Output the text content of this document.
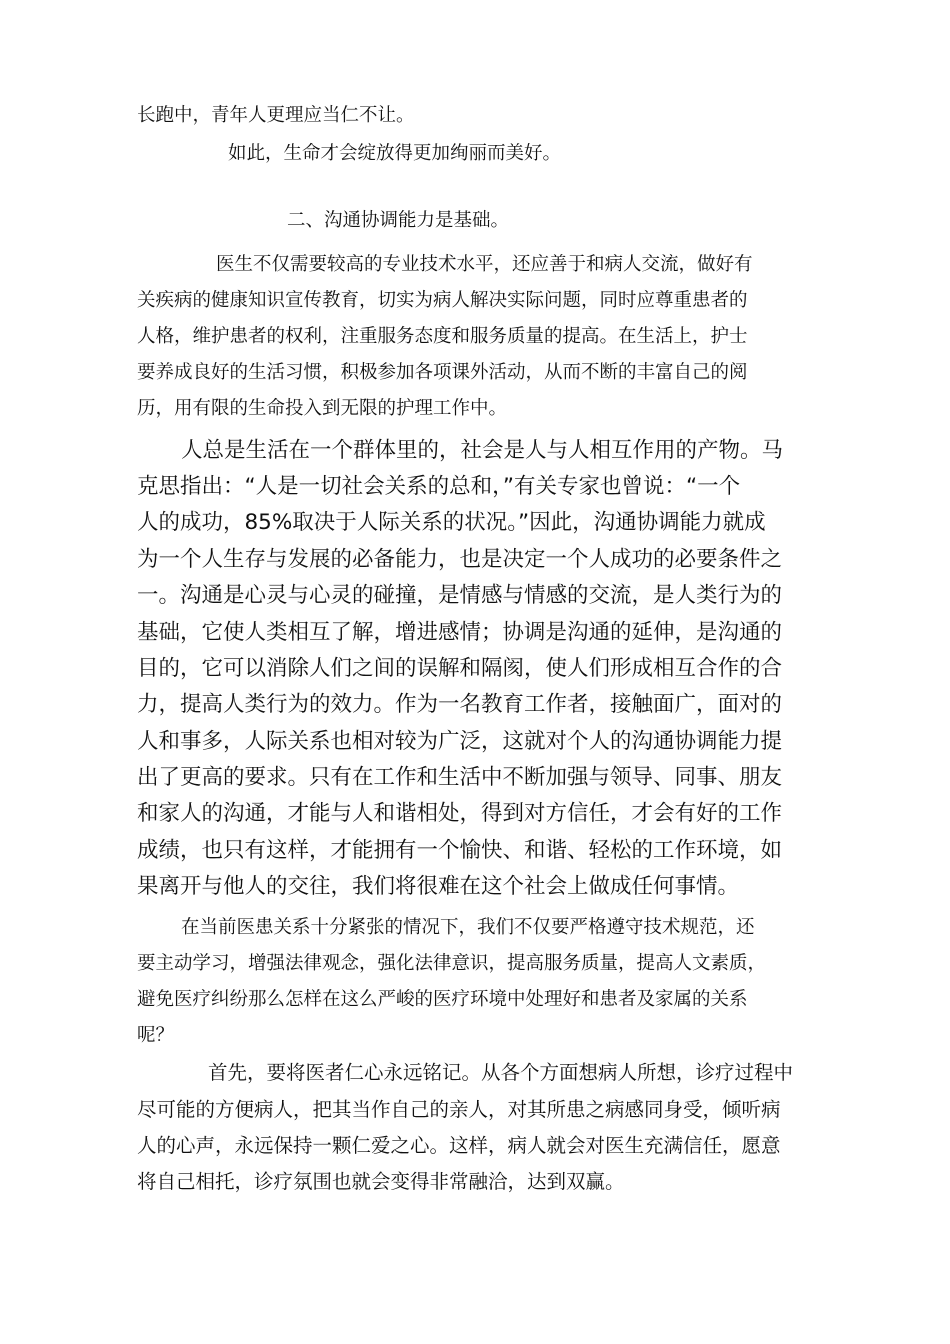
长跑中，青年人更理应当仁不让。

如此，生命才会绽放得更加绚丽而美好。

二、沟通协调能力是基础。

医生不仅需要较高的专业技术水平，还应善于和病人交流，做好有

关疾病的健康知识宣传教育，切实为病人解决实际问题，同时应尊重患者的

人格，维护患者的权利，注重服务态度和服务质量的提高。在生活上，护士

要养成良好的生活习惯，积极参加各项课外活动，从而不断的丰富自己的阅

历，用有限的生命投入到无限的护理工作中。

人总是生活在一个群体里的，社会是人与人相互作用的产物。马

克思指出：“人是一切社会关系的总和，”有关专家也曾说：“一个

人的成功，85%取决于人际关系的状况。”因此，沟通协调能力就成

为一个人生存与发展的必备能力，也是决定一个人成功的必要条件之

一。沟通是心灵与心灵的碰撞，是情感与情感的交流，是人类行为的

基础，它使人类相互了解，增进感情；协调是沟通的延伸，是沟通的

目的，它可以消除人们之间的误解和隔阂，使人们形成相互合作的合

力，提高人类行为的效力。作为一名教育工作者，接触面广，面对的

人和事多，人际关系也相对较为广泛，这就对个人的沟通协调能力提

出了更高的要求。只有在工作和生活中不断加强与领导、同事、朋友

和家人的沟通，才能与人和谐相处，得到对方信任，才会有好的工作

成绩，也只有这样，才能拥有一个愉快、和谐、轻松的工作环境，如

果离开与他人的交往，我们将很难在这个社会上做成任何事情。

在当前医患关系十分紧张的情况下，我们不仅要严格遵守技术规范，还

要主动学习，增强法律观念，强化法律意识，提高服务质量，提高人文素质，

避免医疗纠纷那么怎样在这么严峻的医疗环境中处理好和患者及家属的关系

呢？

首先，要将医者仁心永远铭记。从各个方面想病人所想，诊疗过程中

尽可能的方便病人，把其当作自己的亲人，对其所患之病感同身受，倾听病

人的心声，永远保持一颗仁爱之心。这样，病人就会对医生充满信任，愿意

将自己相托，诊疗氛围也就会变得非常融洽，达到双赢。
